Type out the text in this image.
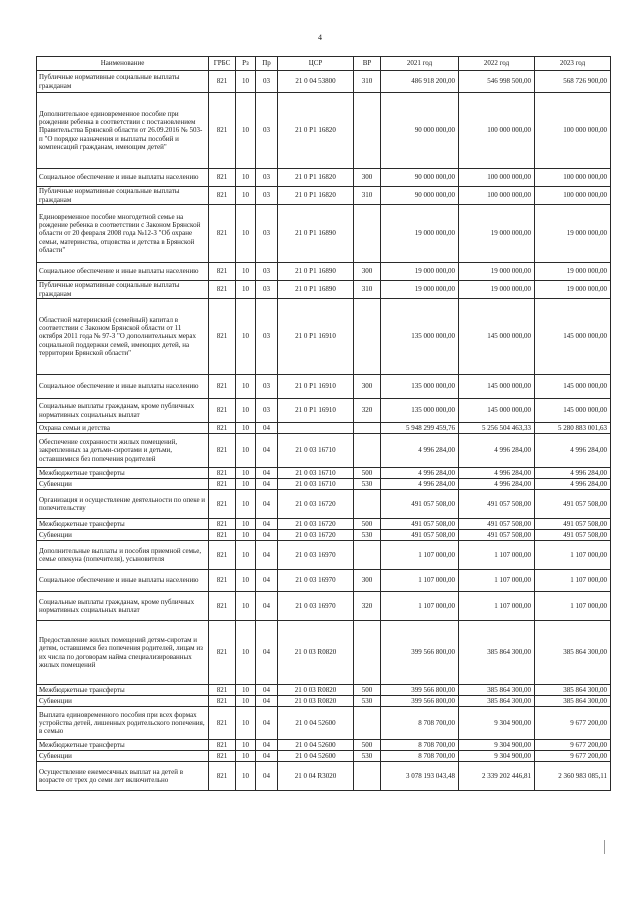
4
Наименование	ГРБС	Рз	Пр	ЦСР	ВР	2021 год	2022 год	2023 год
Публичные нормативные социальные выплаты гражданам	821	10	03	21 0 04 53800	310	486 918 200,00	546 998 500,00	568 726 900,00
Дополнительное единовременное пособие при рождении ребенка в соответствии с постановлением Правительства Брянской области от 26.09.2016 № 503-п "О порядке назначения и выплаты пособий и компенсаций гражданам, имеющим детей"	821	10	03	21 0 P1 16820		90 000 000,00	100 000 000,00	100 000 000,00
Социальное обеспечение и иные выплаты населению	821	10	03	21 0 P1 16820	300	90 000 000,00	100 000 000,00	100 000 000,00
Публичные нормативные социальные выплаты гражданам	821	10	03	21 0 P1 16820	310	90 000 000,00	100 000 000,00	100 000 000,00
Единовременное пособие многодетной семье на рождение ребенка в соответствии с Законом Брянской области от 20 февраля 2008 года №12-З "Об охране семьи, материнства, отцовства и детства в Брянской области"	821	10	03	21 0 P1 16890		19 000 000,00	19 000 000,00	19 000 000,00
Социальное обеспечение и иные выплаты населению	821	10	03	21 0 P1 16890	300	19 000 000,00	19 000 000,00	19 000 000,00
Публичные нормативные социальные выплаты гражданам	821	10	03	21 0 P1 16890	310	19 000 000,00	19 000 000,00	19 000 000,00
Областной материнский (семейный) капитал в соответствии с Законом Брянской области от 11 октября 2011 года № 97-З "О дополнительных мерах социальной поддержки семей, имеющих детей, на территории Брянской области"	821	10	03	21 0 P1 16910		135 000 000,00	145 000 000,00	145 000 000,00
Социальное обеспечение и иные выплаты населению	821	10	03	21 0 P1 16910	300	135 000 000,00	145 000 000,00	145 000 000,00
Социальные выплаты гражданам, кроме публичных нормативных социальных выплат	821	10	03	21 0 P1 16910	320	135 000 000,00	145 000 000,00	145 000 000,00
Охрана семьи и детства	821	10	04			5 948 299 459,76	5 256 504 463,33	5 280 883 001,63
Обеспечение сохранности жилых помещений, закрепленных за детьми-сиротами и детьми, оставшимися без попечения родителей	821	10	04	21 0 03 16710		4 996 284,00	4 996 284,00	4 996 284,00
Межбюджетные трансферты	821	10	04	21 0 03 16710	500	4 996 284,00	4 996 284,00	4 996 284,00
Субвенции	821	10	04	21 0 03 16710	530	4 996 284,00	4 996 284,00	4 996 284,00
Организация и осуществление деятельности по опеке и попечительству	821	10	04	21 0 03 16720		491 057 508,00	491 057 508,00	491 057 508,00
Межбюджетные трансферты	821	10	04	21 0 03 16720	500	491 057 508,00	491 057 508,00	491 057 508,00
Субвенции	821	10	04	21 0 03 16720	530	491 057 508,00	491 057 508,00	491 057 508,00
Дополнительные выплаты и пособия приемной семье, семье опекуна (попечителя), усыновителя	821	10	04	21 0 03 16970		1 107 000,00	1 107 000,00	1 107 000,00
Социальное обеспечение и иные выплаты населению	821	10	04	21 0 03 16970	300	1 107 000,00	1 107 000,00	1 107 000,00
Социальные выплаты гражданам, кроме публичных нормативных социальных выплат	821	10	04	21 0 03 16970	320	1 107 000,00	1 107 000,00	1 107 000,00
Предоставление жилых помещений детям-сиротам и детям, оставшимся без попечения родителей, лицам из их числа по договорам найма специализированных жилых помещений	821	10	04	21 0 03 R0820		399 566 800,00	385 864 300,00	385 864 300,00
Межбюджетные трансферты	821	10	04	21 0 03 R0820	500	399 566 800,00	385 864 300,00	385 864 300,00
Субвенции	821	10	04	21 0 03 R0820	530	399 566 800,00	385 864 300,00	385 864 300,00
Выплата единовременного пособия при всех формах устройства детей, лишенных родительского попечения, в семью	821	10	04	21 0 04 52600		8 708 700,00	9 304 900,00	9 677 200,00
Межбюджетные трансферты	821	10	04	21 0 04 52600	500	8 708 700,00	9 304 900,00	9 677 200,00
Субвенции	821	10	04	21 0 04 52600	530	8 708 700,00	9 304 900,00	9 677 200,00
Осуществление ежемесячных выплат на детей в возрасте от трех до семи лет включительно	821	10	04	21 0 04 R3020		3 078 193 043,48	2 339 202 446,81	2 360 983 085,11
